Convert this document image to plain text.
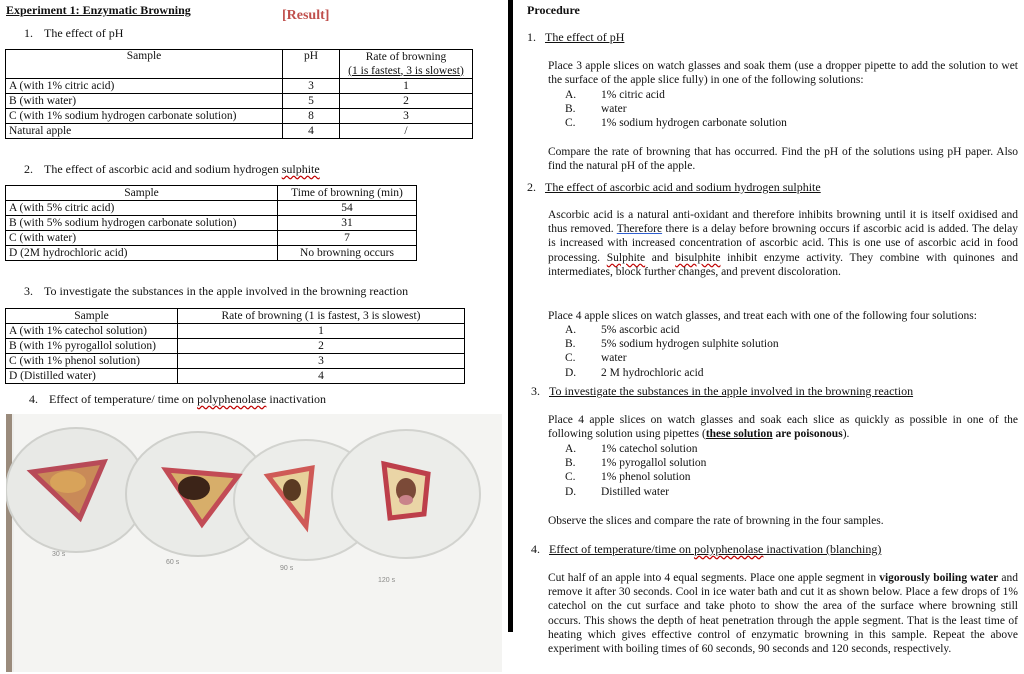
Experiment 1: Enzymatic Browning	[Result]
1. The effect of pH
Sample	pH	Rate of browning
		(1 is fastest, 3 is slowest)
A (with 1% citric acid)	3	1
B (with water)	5	2
C (with 1% sodium hydrogen carbonate solution)	8	3
Natural apple	4	/
2. The effect of ascorbic acid and sodium hydrogen sulphite
Sample	Time of browning (min)
A (with 5% citric acid)	54
B (with 5% sodium hydrogen carbonate solution)	31
C (with water)	7
D (2M hydrochloric acid)	No browning occurs
3. To investigate the substances in the apple involved in the browning reaction
Sample	Rate of browning (1 is fastest, 3 is slowest)
A (with 1% catechol solution)	1
B (with 1% pyrogallol solution)	2
C (with 1% phenol solution)	3
D (Distilled water)	4
4. Effect of temperature/ time on polyphenolase inactivation
30 s
60 s
90 s
120 s
Procedure
1. The effect of pH
Place 3 apple slices on watch glasses and soak them (use a dropper pipette to add the solution to wet the surface of the apple slice fully) in one of the following solutions:
A.	1% citric acid
B.	water
C.	1% sodium hydrogen carbonate solution
Compare the rate of browning that has occurred. Find the pH of the solutions using pH paper. Also find the natural pH of the apple.
2. The effect of ascorbic acid and sodium hydrogen sulphite
Ascorbic acid is a natural anti-oxidant and therefore inhibits browning until it is itself oxidised and thus removed. Therefore there is a delay before browning occurs if ascorbic acid is added. The delay is increased with increased concentration of ascorbic acid. This is one use of ascorbic acid in food processing. Sulphite and bisulphite inhibit enzyme activity. They combine with quinones and intermediates, block further changes, and prevent discoloration.
Place 4 apple slices on watch glasses, and treat each with one of the following four solutions:
A.	5% ascorbic acid
B.	5% sodium hydrogen sulphite solution
C.	water
D.	2 M hydrochloric acid
3. To investigate the substances in the apple involved in the browning reaction
Place 4 apple slices on watch glasses and soak each slice as quickly as possible in one of the following solution using pipettes (these solution are poisonous).
A.	1% catechol solution
B.	1% pyrogallol solution
C.	1% phenol solution
D.	Distilled water
Observe the slices and compare the rate of browning in the four samples.
4. Effect of temperature/time on polyphenolase inactivation (blanching)
Cut half of an apple into 4 equal segments. Place one apple segment in vigorously boiling water and remove it after 30 seconds. Cool in ice water bath and cut it as shown below. Place a few drops of 1% catechol on the cut surface and take photo to show the area of the surface where browning still occurs. This shows the depth of heat penetration through the apple segment. That is the least time of heating which gives effective control of enzymatic browning in this sample. Repeat the above experiment with boiling times of 60 seconds, 90 seconds and 120 seconds, respectively.
